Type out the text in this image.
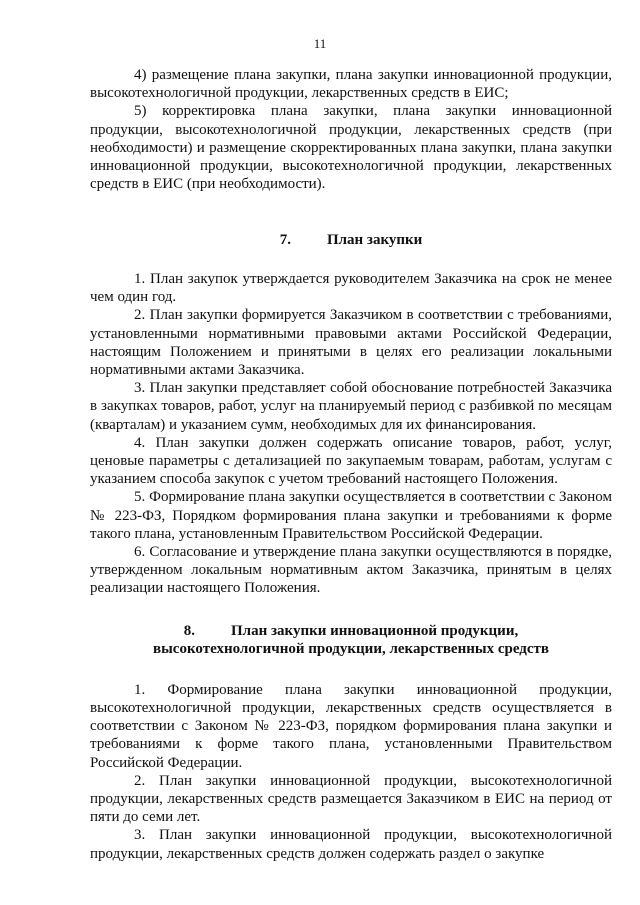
11

4) размещение плана закупки, плана закупки инновационной продукции, высокотехнологичной продукции, лекарственных средств в ЕИС;

5) корректировка плана закупки, плана закупки инновационной продукции, высокотехнологичной продукции, лекарственных средств (при необходимости) и размещение скорректированных плана закупки, плана закупки инновационной продукции, высокотехнологичной продукции, лекарственных средств в ЕИС (при необходимости).

7. План закупки

1. План закупок утверждается руководителем Заказчика на срок не менее чем один год.

2. План закупки формируется Заказчиком в соответствии с требованиями, установленными нормативными правовыми актами Российской Федерации, настоящим Положением и принятыми в целях его реализации локальными нормативными актами Заказчика.

3. План закупки представляет собой обоснование потребностей Заказчика в закупках товаров, работ, услуг на планируемый период с разбивкой по месяцам (кварталам) и указанием сумм, необходимых для их финансирования.

4. План закупки должен содержать описание товаров, работ, услуг, ценовые параметры с детализацией по закупаемым товарам, работам, услугам с указанием способа закупок с учетом требований настоящего Положения.

5. Формирование плана закупки осуществляется в соответствии с Законом № 223-ФЗ, Порядком формирования плана закупки и требованиями к форме такого плана, установленным Правительством Российской Федерации.

6. Согласование и утверждение плана закупки осуществляются в порядке, утвержденном локальным нормативным актом Заказчика, принятым в целях реализации настоящего Положения.

8. План закупки инновационной продукции,
высокотехнологичной продукции, лекарственных средств

1. Формирование плана закупки инновационной продукции, высокотехнологичной продукции, лекарственных средств осуществляется в соответствии с Законом № 223-ФЗ, порядком формирования плана закупки и требованиями к форме такого плана, установленными Правительством Российской Федерации.

2. План закупки инновационной продукции, высокотехнологичной продукции, лекарственных средств размещается Заказчиком в ЕИС на период от пяти до семи лет.

3. План закупки инновационной продукции, высокотехнологичной продукции, лекарственных средств должен содержать раздел о закупке
